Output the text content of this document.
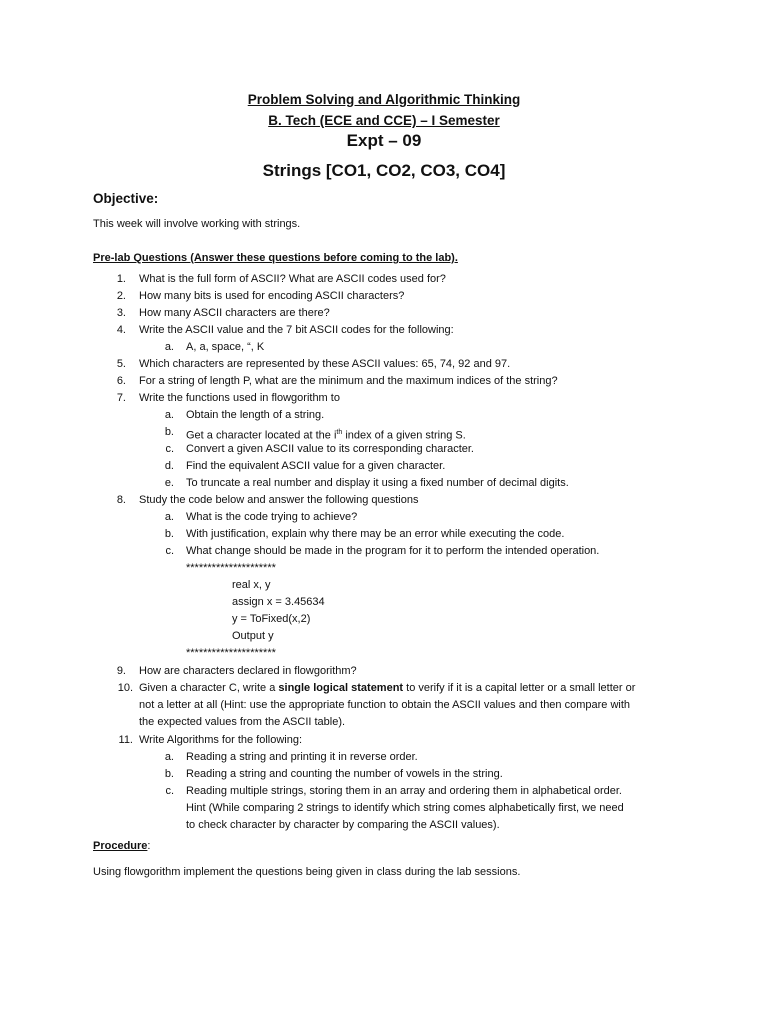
Problem Solving and Algorithmic Thinking
B. Tech (ECE and CCE) – I Semester
Expt – 09
Strings [CO1, CO2, CO3, CO4]
Objective:
This week will involve working with strings.
Pre-lab Questions (Answer these questions before coming to the lab).
1. What is the full form of ASCII? What are ASCII codes used for?
2. How many bits is used for encoding ASCII characters?
3. How many ASCII characters are there?
4. Write the ASCII value and the 7 bit ASCII codes for the following:
a. A, a, space, “, K
5. Which characters are represented by these ASCII values: 65, 74, 92 and 97.
6. For a string of length P, what are the minimum and the maximum indices of the string?
7. Write the functions used in flowgorithm to
a. Obtain the length of a string.
b. Get a character located at the $i^{th}$ index of a given string S.
c. Convert a given ASCII value to its corresponding character.
d. Find the equivalent ASCII value for a given character.
e. To truncate a real number and display it using a fixed number of decimal digits.
8. Study the code below and answer the following questions
a. What is the code trying to achieve?
b. With justification, explain why there may be an error while executing the code.
c. What change should be made in the program for it to perform the intended operation.
*********************
real x, y
assign x = 3.45634
y = ToFixed(x,2)
Output y
*********************
9. How are characters declared in flowgorithm?
10. Given a character C, write a single logical statement to verify if it is a capital letter or a small letter or
not a letter at all (Hint: use the appropriate function to obtain the ASCII values and then compare with
the expected values from the ASCII table).
11. Write Algorithms for the following:
a. Reading a string and printing it in reverse order.
b. Reading a string and counting the number of vowels in the string.
c. Reading multiple strings, storing them in an array and ordering them in alphabetical order.
Hint (While comparing 2 strings to identify which string comes alphabetically first, we need
to check character by character by comparing the ASCII values).
Procedure:
Using flowgorithm implement the questions being given in class during the lab sessions.
